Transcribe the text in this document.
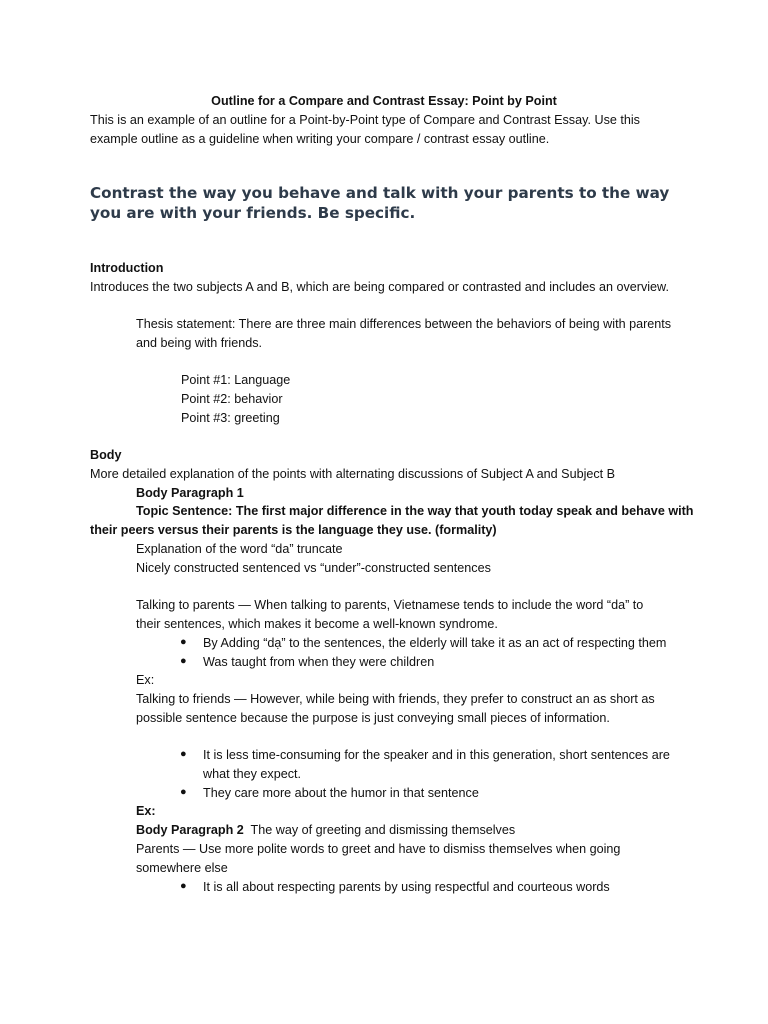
Outline for a Compare and Contrast Essay: Point by Point
This is an example of an outline for a Point-by-Point type of Compare and Contrast Essay. Use this
example outline as a guideline when writing your compare / contrast essay outline.
Contrast the way you behave and talk with your parents to the way
you are with your friends. Be specific.
Introduction
Introduces the two subjects A and B, which are being compared or contrasted and includes an overview.
Thesis statement: There are three main differences between the behaviors of being with parents
and being with friends.
Point #1: Language
Point #2: behavior
Point #3: greeting
Body
More detailed explanation of the points with alternating discussions of Subject A and Subject B
Body Paragraph 1
Topic Sentence: The first major difference in the way that youth today speak and behave with
their peers versus their parents is the language they use. (formality)
Explanation of the word “da” truncate
Nicely constructed sentenced vs “under”-constructed sentences
Talking to parents — When talking to parents, Vietnamese tends to include the word “da” to
their sentences, which makes it become a well-known syndrome.
● By Adding “dạ” to the sentences, the elderly will take it as an act of respecting them
● Was taught from when they were children
Ex:
Talking to friends — However, while being with friends, they prefer to construct an as short as
possible sentence because the purpose is just conveying small pieces of information.
● It is less time-consuming for the speaker and in this generation, short sentences are
what they expect.
● They care more about the humor in that sentence
Ex:
Body Paragraph 2  The way of greeting and dismissing themselves
Parents — Use more polite words to greet and have to dismiss themselves when going
somewhere else
● It is all about respecting parents by using respectful and courteous words
